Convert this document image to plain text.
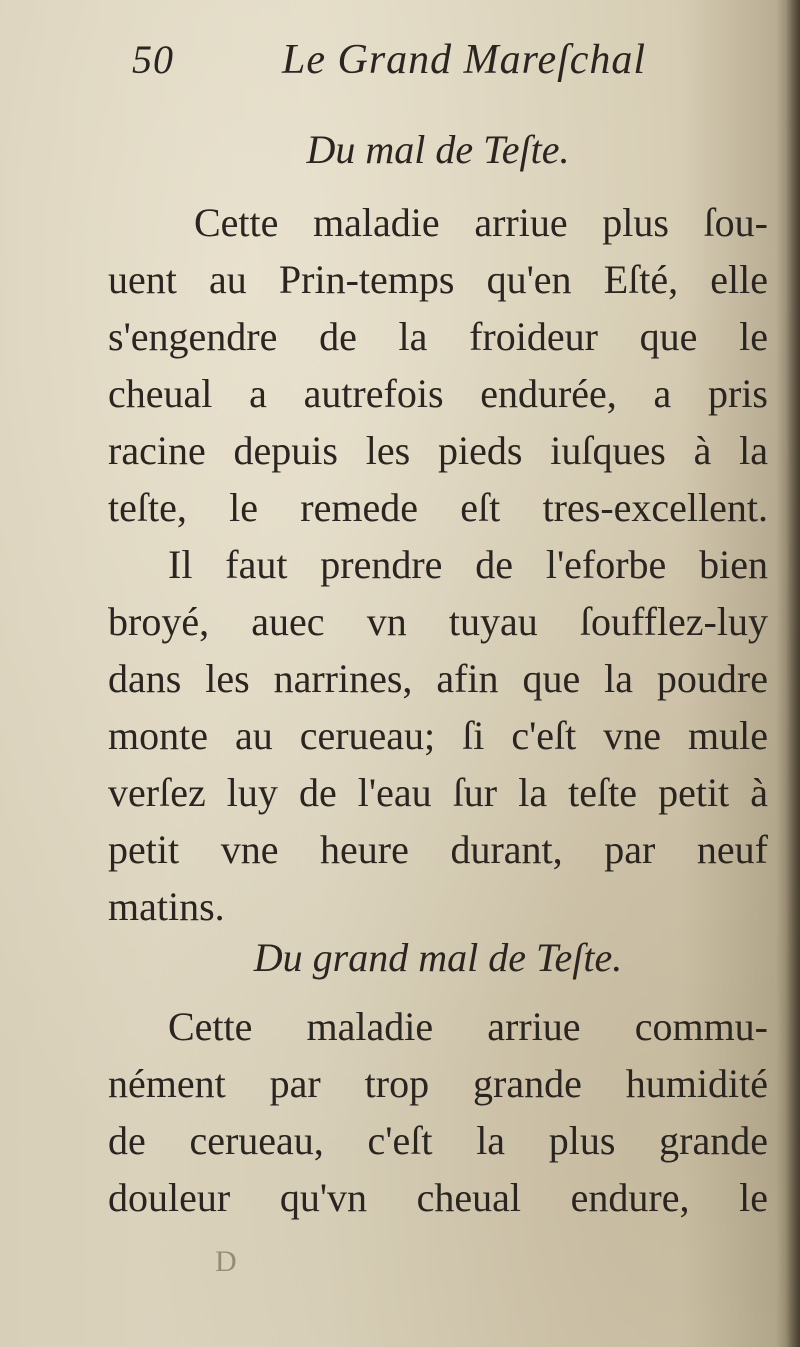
50	Le Grand Mareſchal
Du mal de Teſte.

Cette maladie arriue plus ſou-
uent au Prin-temps qu'en Eſté, elle
s'engendre de la froideur que le
cheual a autrefois endurée, a pris
racine depuis les pieds iuſques à la
teſte, le remede eſt tres-excellent.

Il faut prendre de l'eforbe bien
broyé, auec vn tuyau ſoufflez-luy
dans les narrines, afin que la poudre
monte au cerueau; ſi c'eſt vne mule
verſez luy de l'eau ſur la teſte petit à
petit vne heure durant, par neuf
matins.

Du grand mal de Teſte.

Cette maladie arriue commu-
nément par trop grande humidité
de cerueau, c'eſt la plus grande
douleur qu'vn cheual endure, le

D
